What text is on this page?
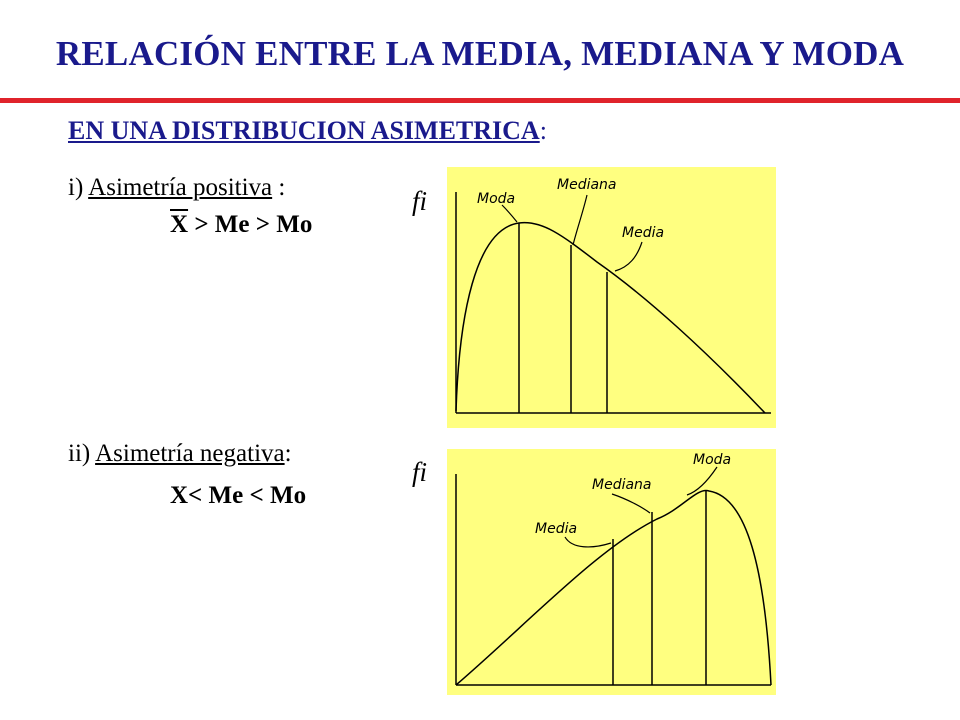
RELACIÓN ENTRE LA MEDIA, MEDIANA Y MODA
EN UNA DISTRIBUCION ASIMETRICA:
i) Asimetría positiva :
$\overline{X} > Me > Mo$
fi	Moda
Mediana
Media
ii) Asimetría negativa:
X< Me < Mo
fi
Media
Mediana
Moda
